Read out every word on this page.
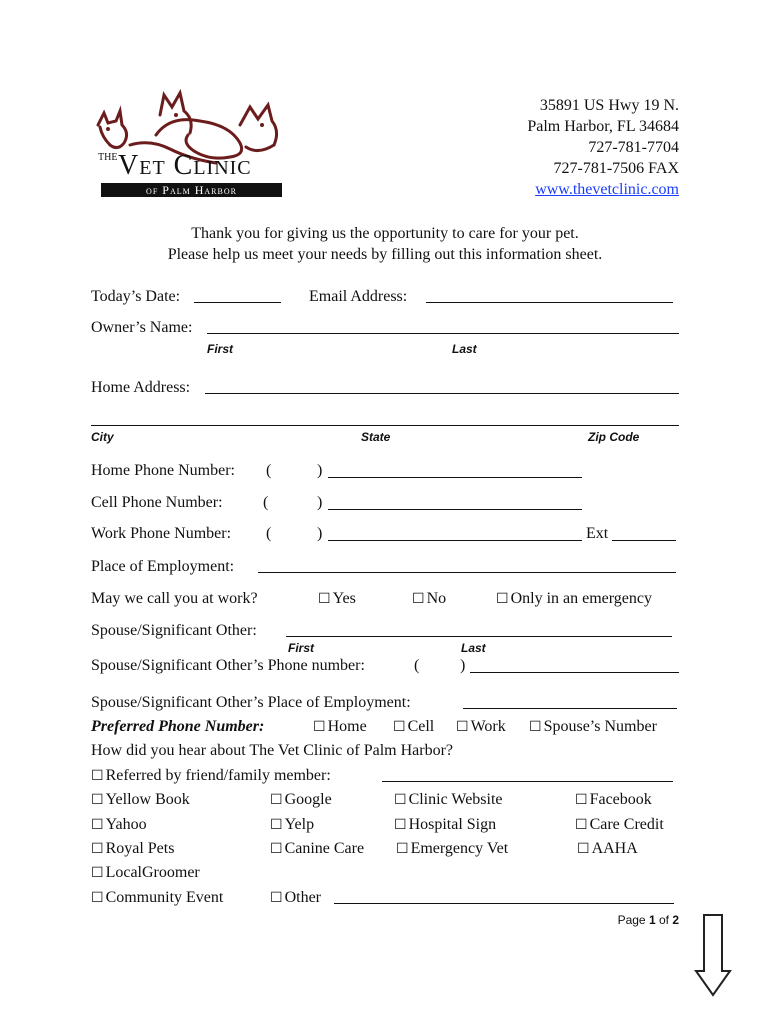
THE Vet Clinic
of Palm Harbor
35891 US Hwy 19 N.
Palm Harbor, FL 34684
727-781-7704
727-781-7506 FAX
www.thevetclinic.com
Thank you for giving us the opportunity to care for your pet.
Please help us meet your needs by filling out this information sheet.
Today’s Date:	Email Address:
Owner’s Name:
First	Last
Home Address:
City	State	Zip Code
Home Phone Number: (	)
Cell Phone Number:	(	)
Work Phone Number: (	)	Ext
Place of Employment:
May we call you at work?	☐ Yes	☐ No	☐ Only in an emergency
Spouse/Significant Other:
First	Last
Spouse/Significant Other’s Phone number:	(	)
Spouse/Significant Other’s Place of Employment:
Preferred Phone Number:	☐ Home ☐ Cell ☐ Work ☐ Spouse’s Number
How did you hear about The Vet Clinic of Palm Harbor?
☐ Referred by friend/family member:
☐ Yellow Book	☐ Google	☐ Clinic Website	☐ Facebook
☐ Yahoo	☐ Yelp	☐ Hospital Sign	☐ Care Credit
☐ Royal Pets	☐ Canine Care ☐ Emergency Vet	☐ AAHA
☐ LocalGroomer
☐ Community Event	☐ Other
Page 1 of 2
